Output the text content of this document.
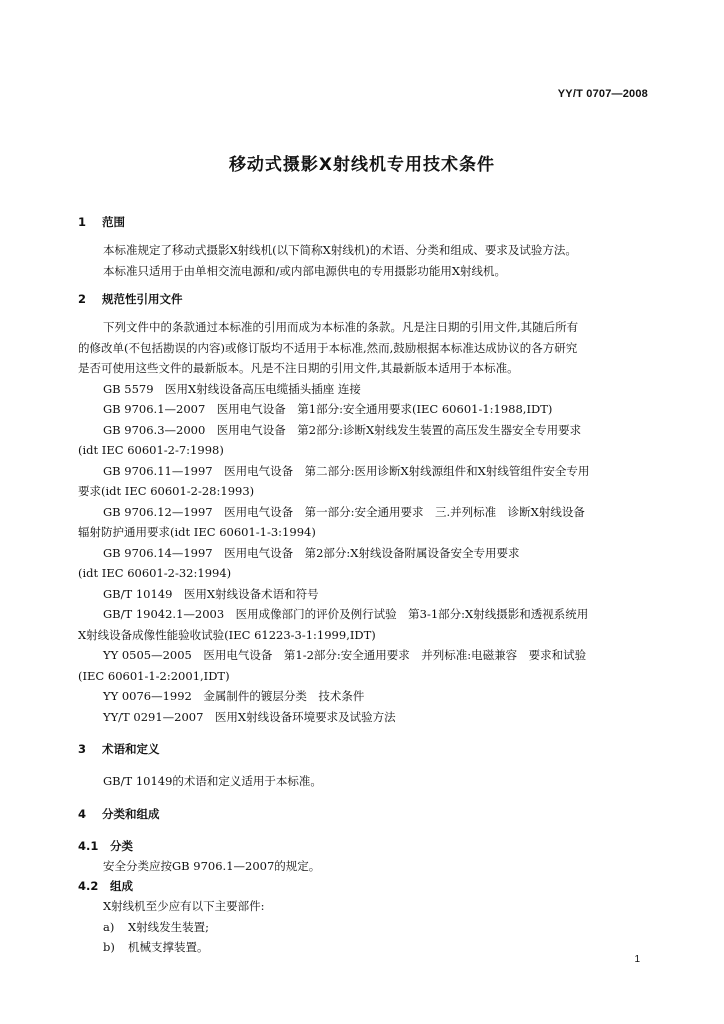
YY/T 0707—2008
移动式摄影X射线机专用技术条件
1 范围
本标准规定了移动式摄影X射线机(以下简称X射线机)的术语、分类和组成、要求及试验方法。
本标准只适用于由单相交流电源和/或内部电源供电的专用摄影功能用X射线机。
2 规范性引用文件
下列文件中的条款通过本标准的引用而成为本标准的条款。凡是注日期的引用文件,其随后所有
的修改单(不包括勘误的内容)或修订版均不适用于本标准,然而,鼓励根据本标准达成协议的各方研究
是否可使用这些文件的最新版本。凡是不注日期的引用文件,其最新版本适用于本标准。
GB 5579　医用X射线设备高压电缆插头插座 连接
GB 9706.1—2007　医用电气设备　第1部分:安全通用要求(IEC 60601-1:1988,IDT)
GB 9706.3—2000　医用电气设备　第2部分:诊断X射线发生装置的高压发生器安全专用要求
(idt IEC 60601-2-7:1998)
GB 9706.11—1997　医用电气设备　第二部分:医用诊断X射线源组件和X射线管组件安全专用
要求(idt IEC 60601-2-28:1993)
GB 9706.12—1997　医用电气设备　第一部分:安全通用要求　三.并列标准　诊断X射线设备
辐射防护通用要求(idt IEC 60601-1-3:1994)
GB 9706.14—1997　医用电气设备　第2部分:X射线设备附属设备安全专用要求
(idt IEC 60601-2-32:1994)
GB/T 10149　医用X射线设备术语和符号
GB/T 19042.1—2003　医用成像部门的评价及例行试验　第3-1部分:X射线摄影和透视系统用
X射线设备成像性能验收试验(IEC 61223-3-1:1999,IDT)
YY 0505—2005　医用电气设备　第1-2部分:安全通用要求　并列标准:电磁兼容　要求和试验
(IEC 60601-1-2:2001,IDT)
YY 0076—1992　金属制件的镀层分类　技术条件
YY/T 0291—2007　医用X射线设备环境要求及试验方法
3 术语和定义
GB/T 10149的术语和定义适用于本标准。
4 分类和组成
4.1 分类
安全分类应按GB 9706.1—2007的规定。
4.2 组成
X射线机至少应有以下主要部件:
a) X射线发生装置;
b) 机械支撑装置。
1
